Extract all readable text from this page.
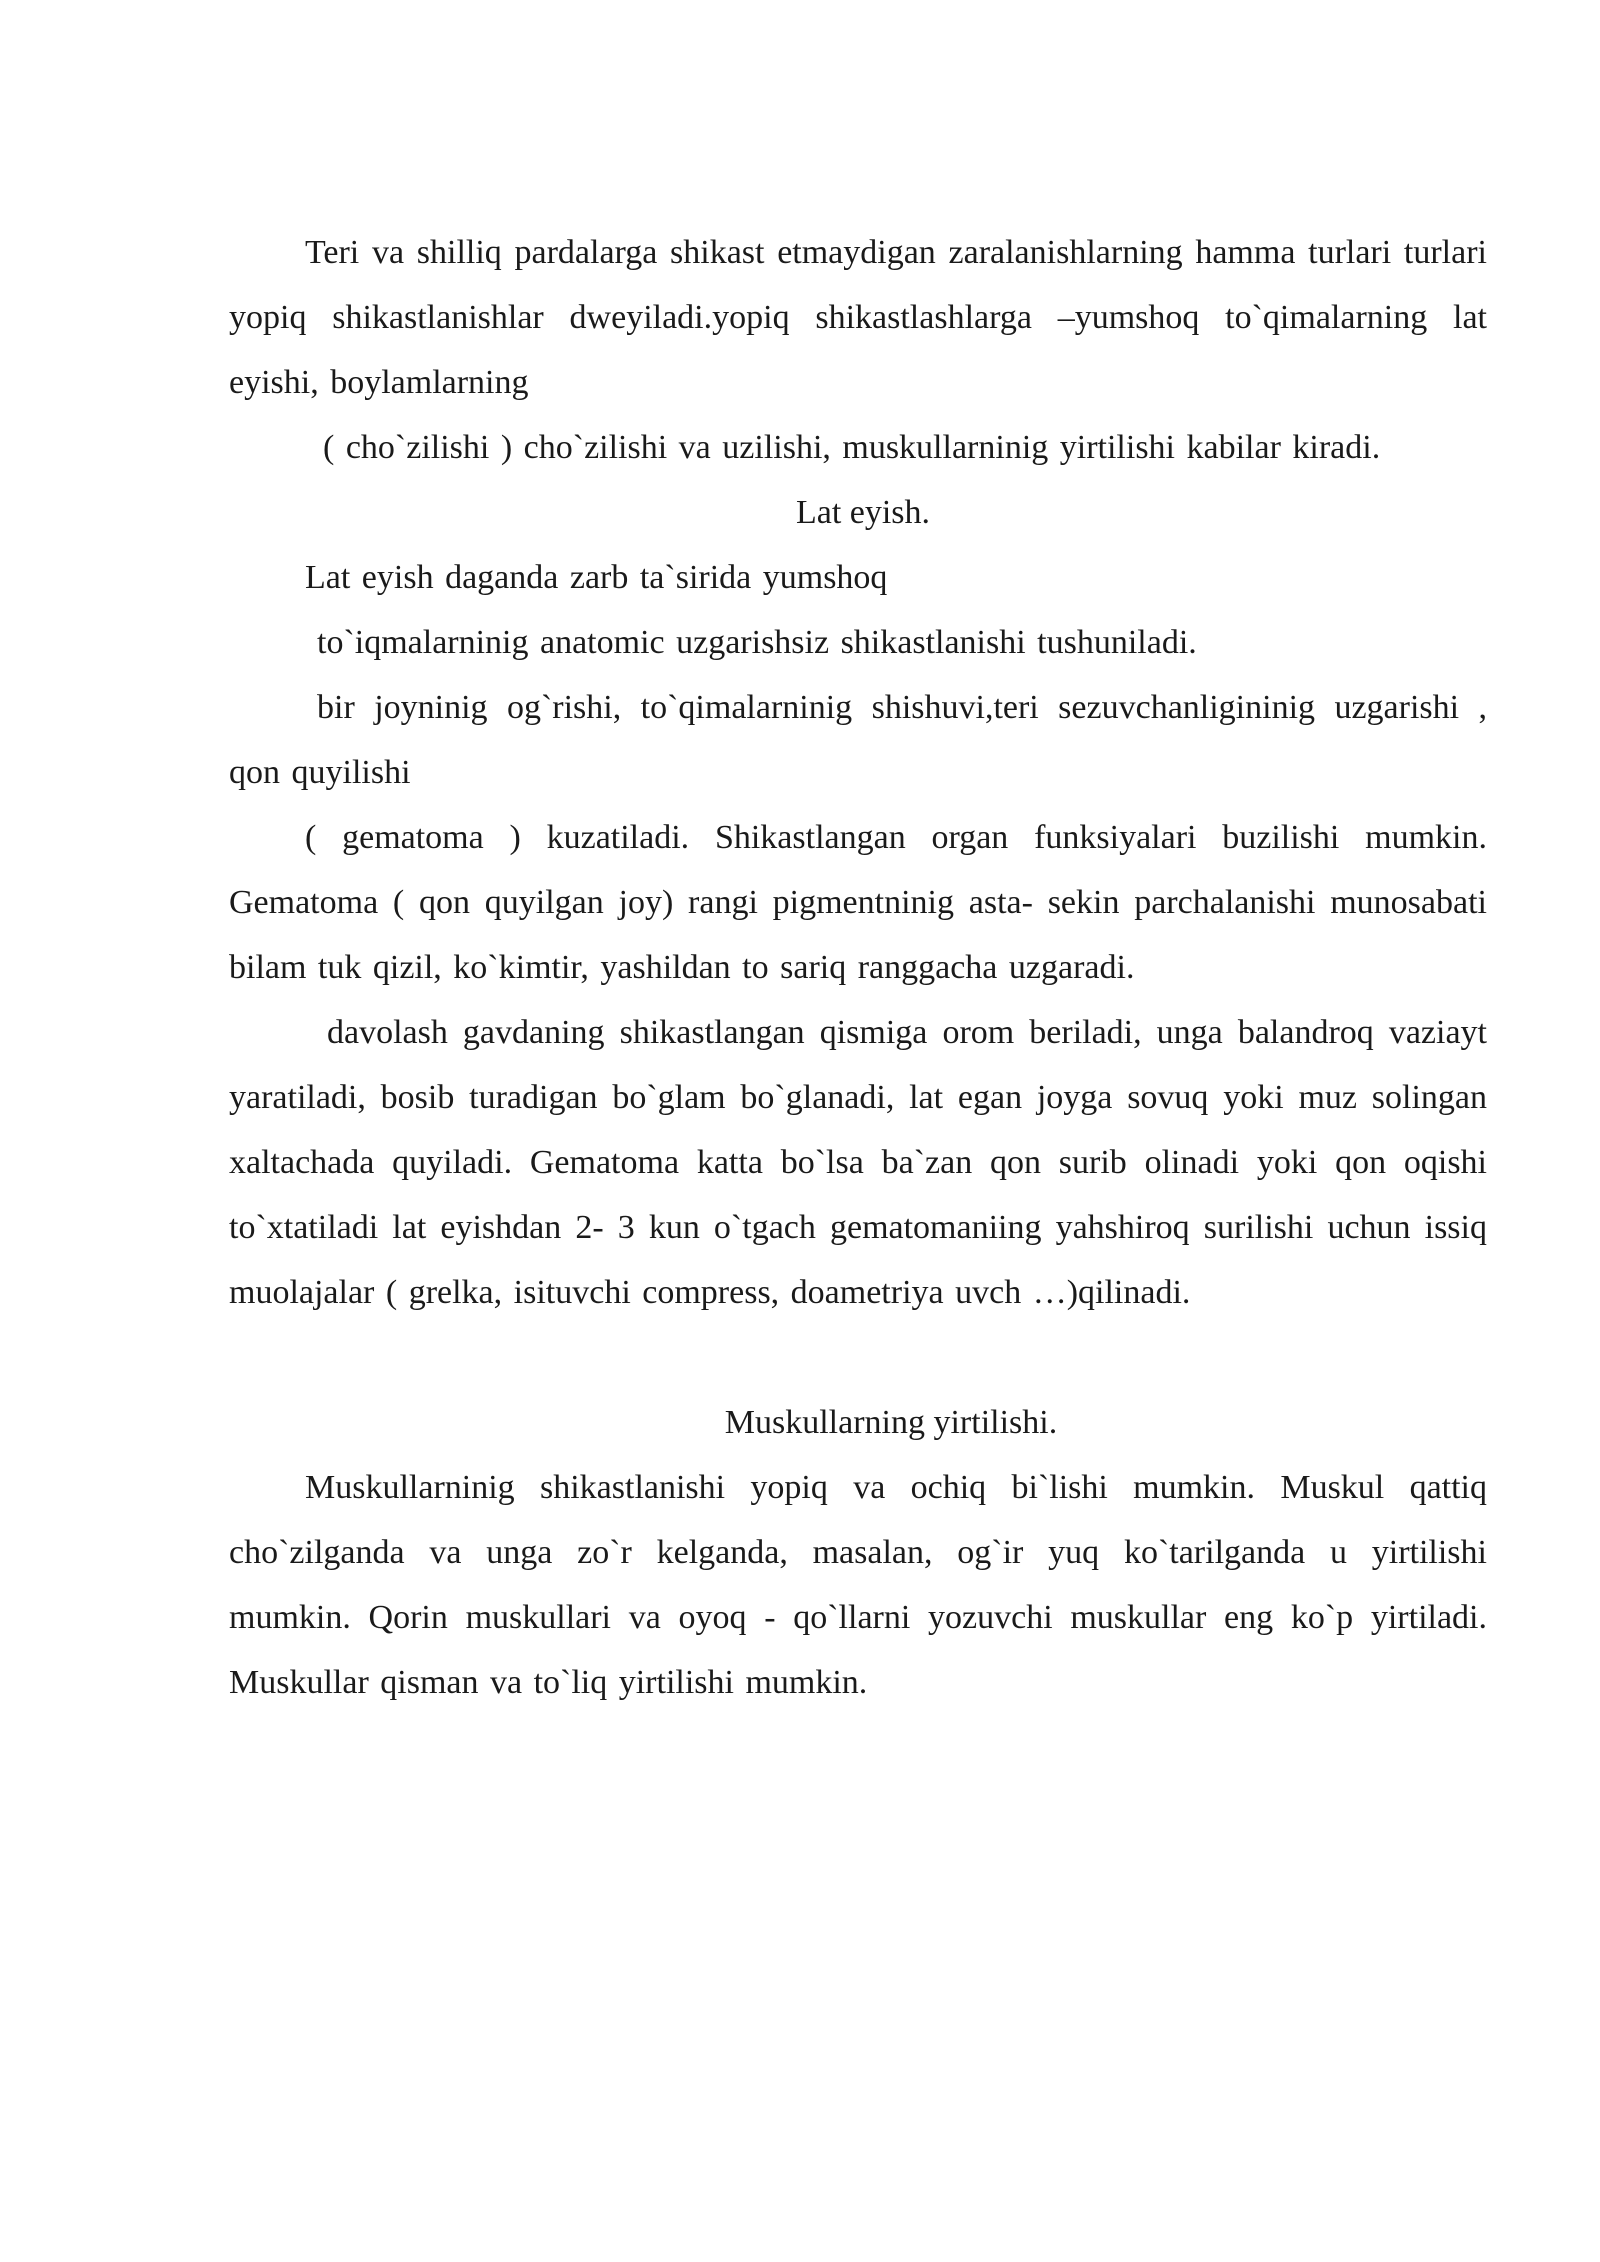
Teri va shilliq pardalarga shikast etmaydigan zaralanishlarning hamma turlari turlari yopiq shikastlanishlar dweyiladi.yopiq shikastlashlarga –yumshoq to`qimalarning lat eyishi, boylamlarning

( cho`zilishi ) cho`zilishi va uzilishi, muskullarninig yirtilishi kabilar kiradi.

Lat eyish.

Lat eyish daganda zarb ta`sirida yumshoq

to`iqmalarninig anatomic uzgarishsiz shikastlanishi tushuniladi.

bir joyninig og`rishi, to`qimalarninig shishuvi,teri sezuvchanligininig uzgarishi , qon quyilishi

( gematoma ) kuzatiladi. Shikastlangan organ funksiyalari buzilishi mumkin. Gematoma ( qon quyilgan joy) rangi pigmentninig asta- sekin parchalanishi munosabati bilam tuk qizil, ko`kimtir, yashildan to sariq ranggacha uzgaradi.

davolash gavdaning shikastlangan qismiga orom beriladi, unga balandroq vaziayt yaratiladi, bosib turadigan bo`glam bo`glanadi, lat egan joyga sovuq yoki muz solingan xaltachada quyiladi. Gematoma katta bo`lsa ba`zan qon surib olinadi yoki qon oqishi to`xtatiladi lat eyishdan 2- 3 kun o`tgach gematomaniing yahshiroq surilishi uchun issiq muolajalar ( grelka, isituvchi compress, doametriya uvch …)qilinadi.

Muskullarning yirtilishi.

Muskullarninig shikastlanishi yopiq va ochiq bi`lishi mumkin. Muskul qattiq cho`zilganda va unga zo`r kelganda, masalan, og`ir yuq ko`tarilganda u yirtilishi mumkin. Qorin muskullari va oyoq - qo`llarni yozuvchi muskullar eng ko`p yirtiladi. Muskullar qisman va to`liq yirtilishi mumkin.
